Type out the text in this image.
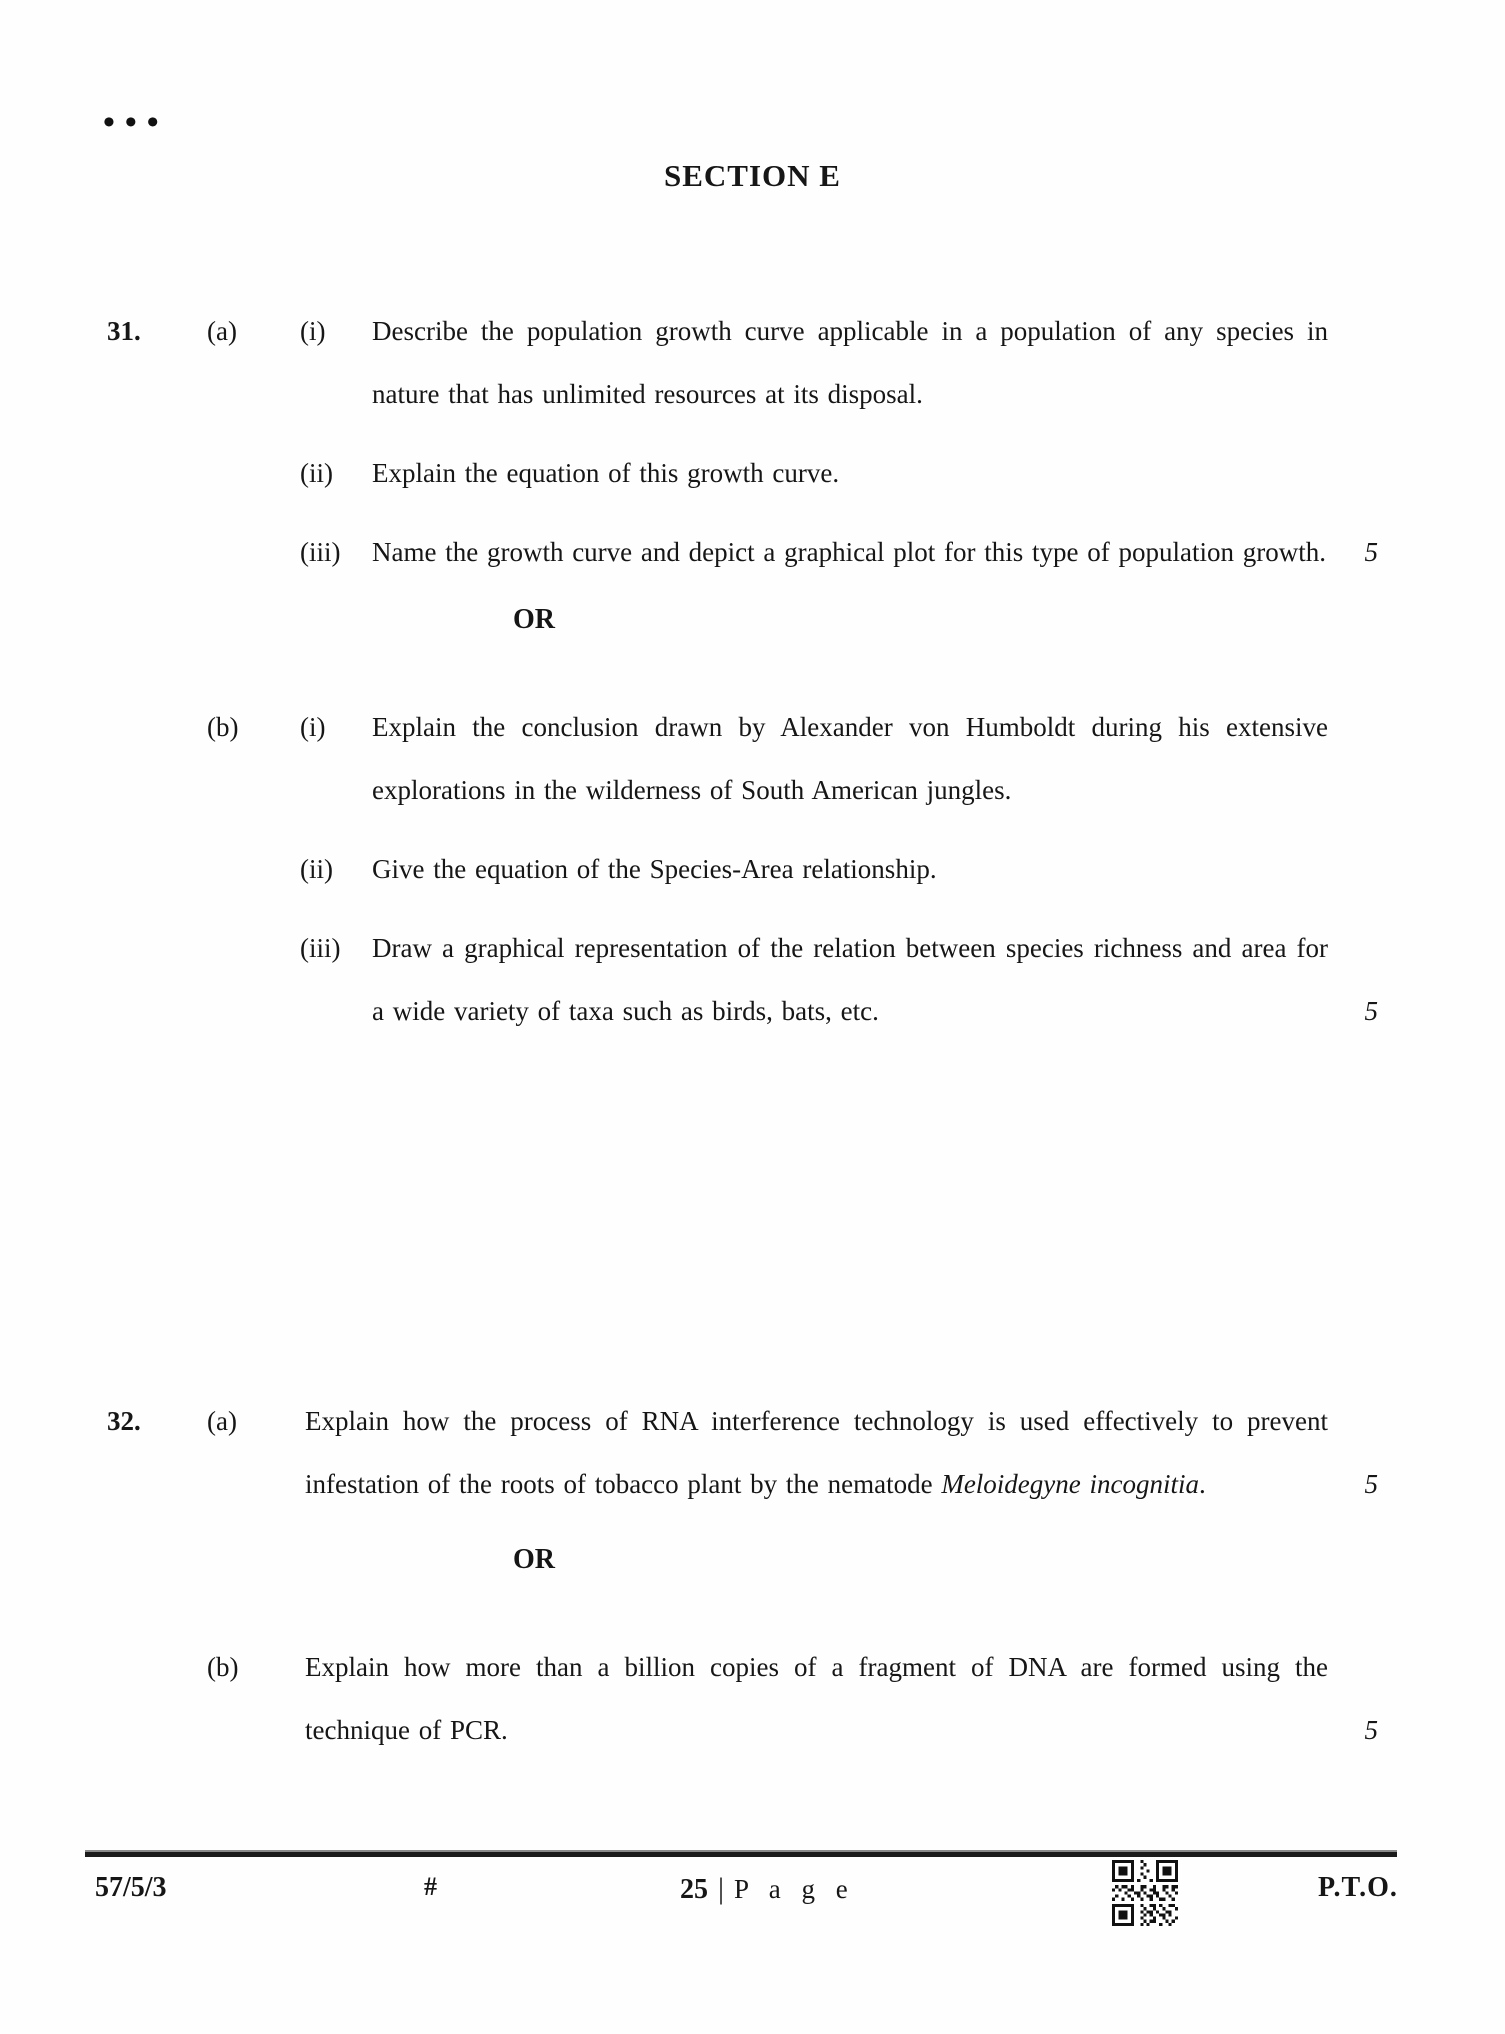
•••
SECTION E
31.	(a)	(i)	Describe the population growth curve applicable in a population of any species in nature that has unlimited resources at its disposal.
(ii)	Explain the equation of this growth curve.
(iii)	Name the growth curve and depict a graphical plot for this type of population growth.	5
OR
(b)	(i)	Explain the conclusion drawn by Alexander von Humboldt during his extensive explorations in the wilderness of South American jungles.
(ii)	Give the equation of the Species-Area relationship.
(iii)	Draw a graphical representation of the relation between species richness and area for a wide variety of taxa such as birds, bats, etc.	5
32.	(a)	Explain how the process of RNA interference technology is used effectively to prevent infestation of the roots of tobacco plant by the nematode Meloidegyne incognitia.	5
OR
(b)	Explain how more than a billion copies of a fragment of DNA are formed using the technique of PCR.	5
57/5/3	#	25 | P a g e	P.T.O.
